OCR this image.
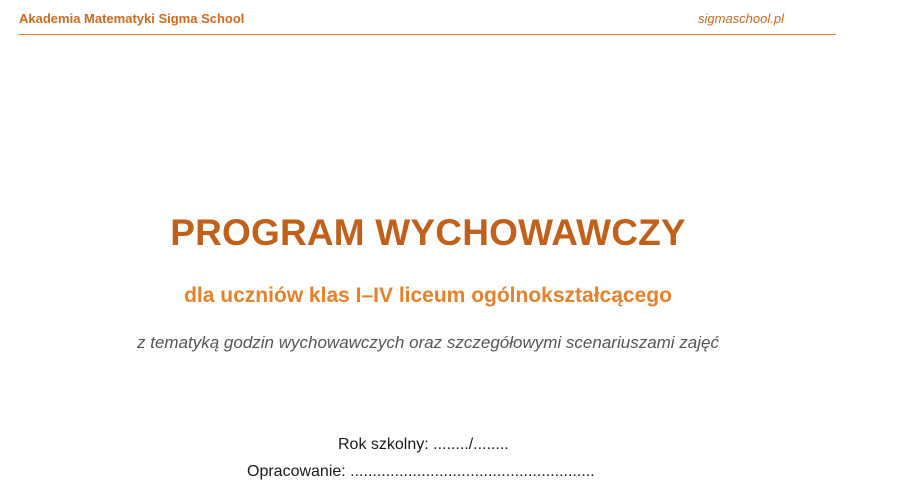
Akademia Matematyki Sigma School	sigmaschool.pl
PROGRAM WYCHOWAWCZY
dla uczniów klas I–IV liceum ogólnokształcącego
z tematyką godzin wychowawczych oraz szczegółowymi scenariuszami zajęć
Rok szkolny: ......../........
Opracowanie: .......................................................
